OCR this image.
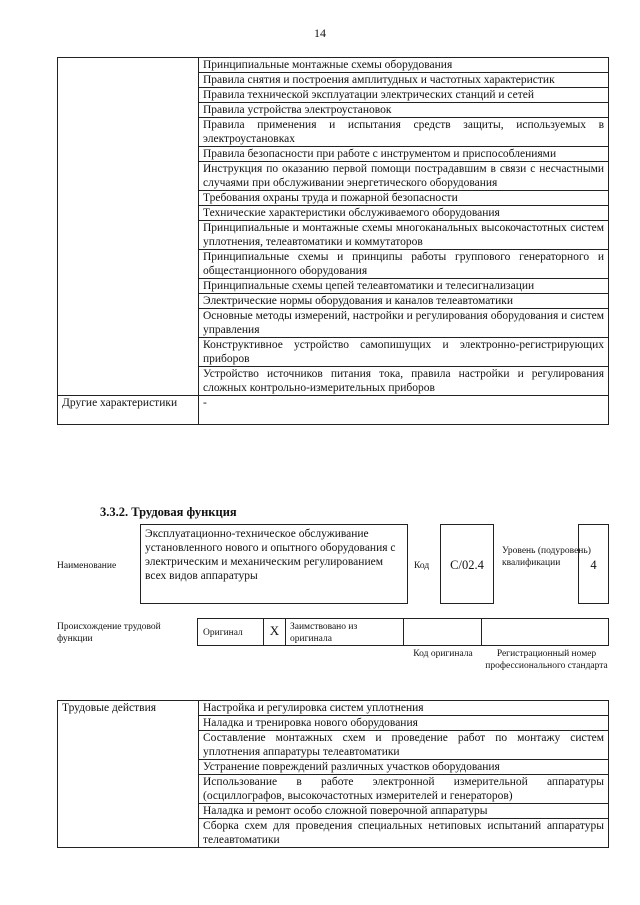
14
	Принципиальные монтажные схемы оборудования
	Правила снятия и построения амплитудных и частотных характеристик
	Правила технической эксплуатации электрических станций и сетей
	Правила устройства электроустановок
	Правила применения и испытания средств защиты, используемых в электроустановках
	Правила безопасности при работе с инструментом и приспособлениями
	Инструкция по оказанию первой помощи пострадавшим в связи с несчастными случаями при обслуживании энергетического оборудования
	Требования охраны труда и пожарной безопасности
	Технические характеристики обслуживаемого оборудования
	Принципиальные и монтажные схемы многоканальных высокочастотных систем уплотнения, телеавтоматики и коммутаторов
	Принципиальные схемы и принципы работы группового генераторного и общестанционного оборудования
	Принципиальные схемы цепей телеавтоматики и телесигнализации
	Электрические нормы оборудования и каналов телеавтоматики
	Основные методы измерений, настройки и регулирования оборудования и систем управления
	Конструктивное устройство самопишущих и электронно-регистрирующих приборов
	Устройство источников питания тока, правила настройки и регулирования сложных контрольно-измерительных приборов
Другие характеристики	-
3.3.2. Трудовая функция
Наименование
Эксплуатационно-техническое обслуживание установленного нового и опытного оборудования с электрическим и механическим регулированием всех видов аппаратуры
Код	C/02.4
Уровень (подуровень) квалификации	4
Происхождение трудовой функции
Оригинал	X	Заимствовано из оригинала
Код оригинала	Регистрационный номер профессионального стандарта
Трудовые действия	Настройка и регулировка систем уплотнения
Наладка и тренировка нового оборудования
Составление монтажных схем и проведение работ по монтажу систем уплотнения аппаратуры телеавтоматики
Устранение повреждений различных участков оборудования
Использование в работе электронной измерительной аппаратуры (осциллографов, высокочастотных измерителей и генераторов)
Наладка и ремонт особо сложной поверочной аппаратуры
Сборка схем для проведения специальных нетиповых испытаний аппаратуры телеавтоматики
